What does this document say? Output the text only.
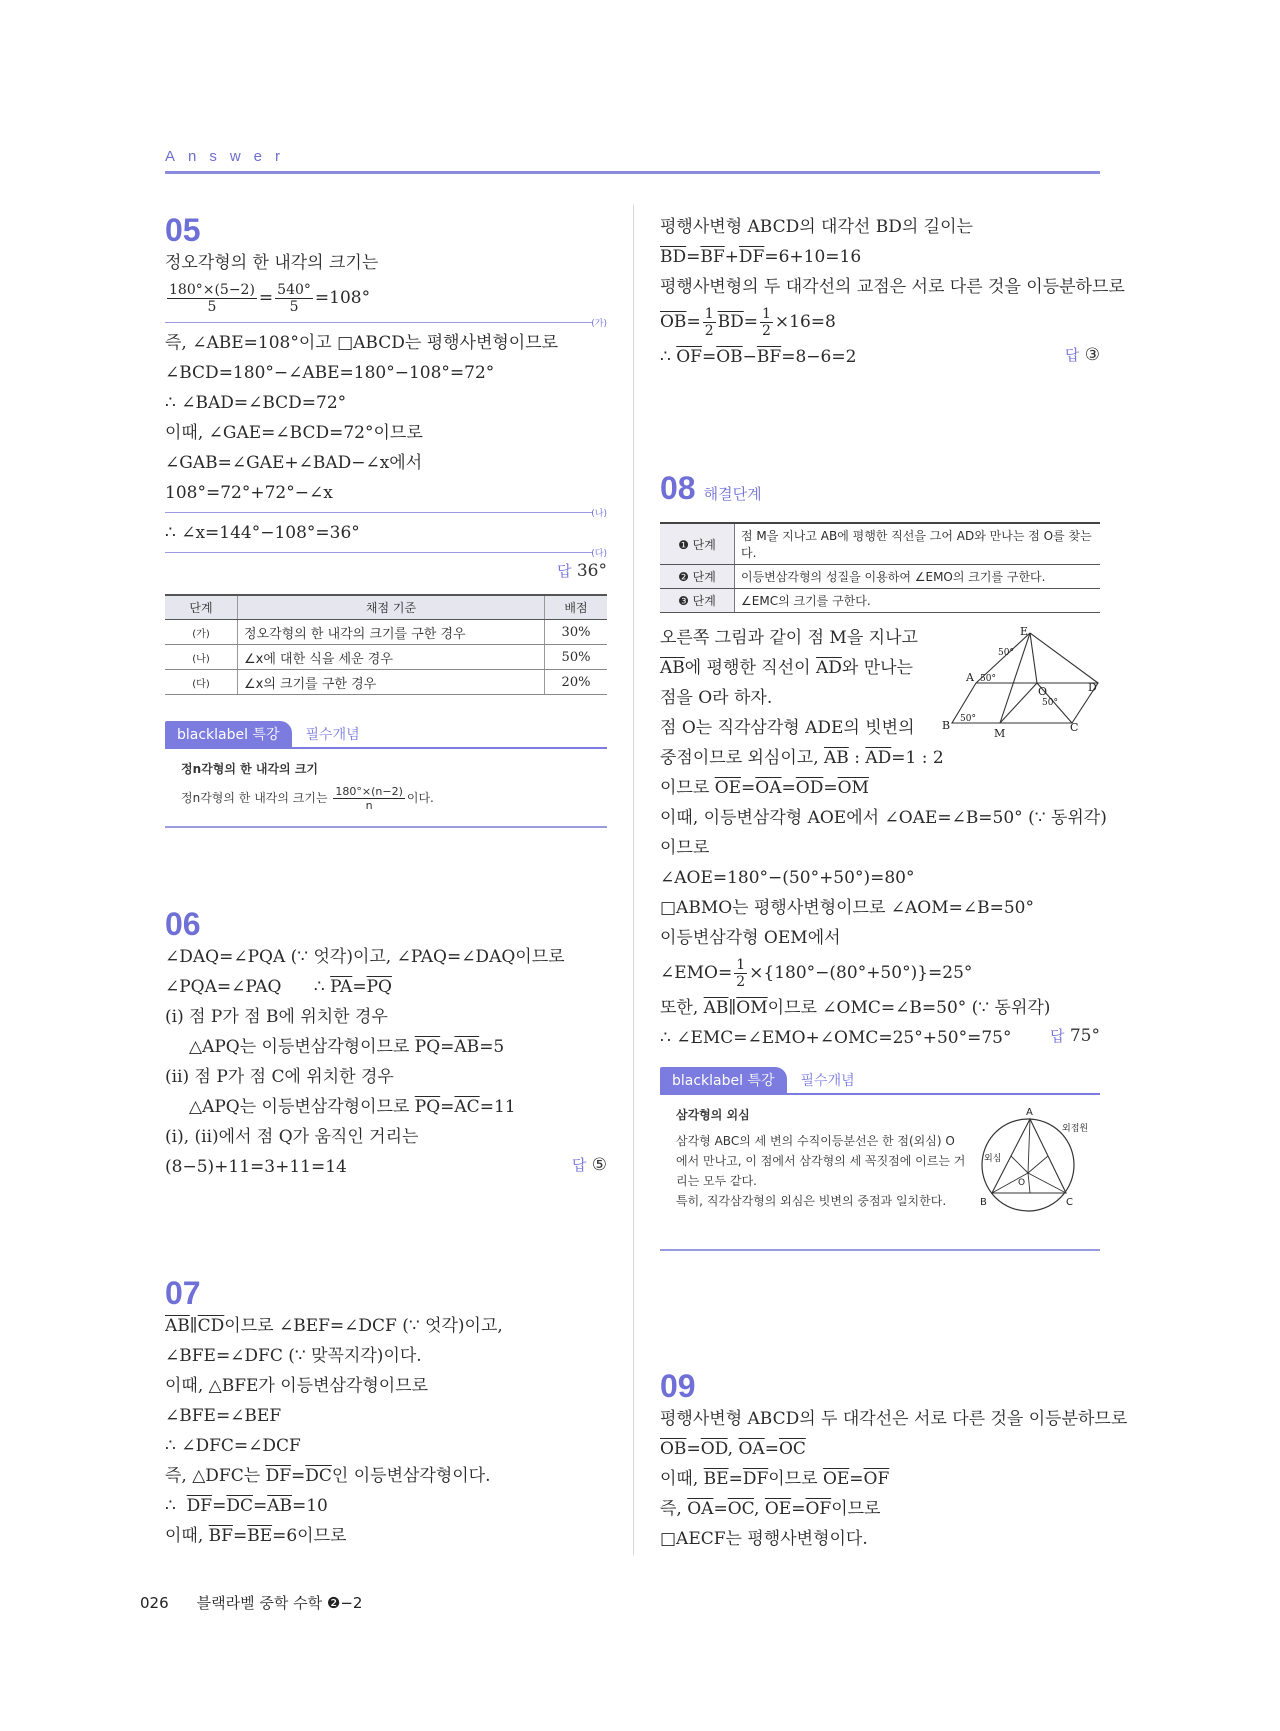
Answer
05
정오각형의 한 내각의 크기는
$\frac{180^\circ\times(5-2)}{5} = \frac{540^\circ}{5} =108^\circ$
(가)
즉, ∠ABE=108°이고 □ABCD는 평행사변형이므로
∠BCD=180°−∠ABE=180°−108°=72°
∴ ∠BAD=∠BCD=72°
이때, ∠GAE=∠BCD=72°이므로
∠GAB=∠GAE+∠BAD−∠x에서
108°=72°+72°−∠x
(나)
∴ ∠x=144°−108°=36°
(다)
답 36°
단계	채점 기준	배점
(가)	정오각형의 한 내각의 크기를 구한 경우	30%
(나)	∠x에 대한 식을 세운 경우	50%
(다)	∠x의 크기를 구한 경우	20%
blacklabel 특강 필수개념
정n각형의 한 내각의 크기
정n각형의 한 내각의 크기는 $\frac{180^\circ\times(n-2)}{n}$ 이다.
06
∠DAQ=∠PQA (∵ 엇각)이고, ∠PAQ=∠DAQ이므로
∠PQA=∠PAQ ∴ $\overline{PA}=\overline{PQ}$
(ⅰ) 점 P가 점 B에 위치한 경우
△APQ는 이등변삼각형이므로 $\overline{PQ}=\overline{AB}=5$
(ⅱ) 점 P가 점 C에 위치한 경우
△APQ는 이등변삼각형이므로 $\overline{PQ}=\overline{AC}=11$
(ⅰ), (ⅱ)에서 점 Q가 움직인 거리는
(8−5)+11=3+11=14	답 ⑤
07
$\overline{AB}\parallel\overline{CD}$이므로 ∠BEF=∠DCF (∵ 엇각)이고,
∠BFE=∠DFC (∵ 맞꼭지각)이다.
이때, △BFE가 이등변삼각형이므로
∠BFE=∠BEF
∴ ∠DFC=∠DCF
즉, △DFC는 $\overline{DF}=\overline{DC}$인 이등변삼각형이다.
∴ $\overline{DF}=\overline{DC}=\overline{AB}=10$
이때, $\overline{BF}=\overline{BE}=6$이므로
평행사변형 ABCD의 대각선 BD의 길이는
$\overline{BD}=\overline{BF}+\overline{DF}=6+10=16$
평행사변형의 두 대각선의 교점은 서로 다른 것을 이등분하므로
$\overline{OB}= \frac{1}{2} \overline{BD}= \frac{1}{2} \times 16=8$
∴ $\overline{OF}=\overline{OB}-\overline{BF}=8-6=2$	답 ③
08 해결단계
❶ 단계	점 M을 지나고 AB에 평행한 직선을 그어 AD와 만나는 점 O를 찾는다.
❷ 단계	이등변삼각형의 성질을 이용하여 ∠EMO의 크기를 구한다.
❸ 단계	∠EMC의 크기를 구한다.
E
A
O	D
B
M	C
50°
50°
50°
50°
오른쪽 그림과 같이 점 M을 지나고
$\overline{AB}$에 평행한 직선이 $\overline{AD}$와 만나는
점을 O라 하자.
점 O는 직각삼각형 ADE의 빗변의
중점이므로 외심이고, $\overline{AB}$ : $\overline{AD}=1$ : 2
이므로 $\overline{OE}=\overline{OA}=\overline{OD}=\overline{OM}$
이때, 이등변삼각형 AOE에서 ∠OAE=∠B=50° (∵ 동위각)
이므로
∠AOE=180°−(50°+50°)=80°
□ABMO는 평행사변형이므로 ∠AOM=∠B=50°
이등변삼각형 OEM에서
∠EMO= $\frac{1}{2} \times\{180^\circ-(80^\circ+50^\circ)\}=25^\circ$
또한, $\overline{AB}\parallel\overline{OM}$이므로 ∠OMC=∠B=50° (∵ 동위각)
∴ ∠EMC=∠EMO+∠OMC=25°+50°=75°	답 75°
blacklabel 특강 필수개념
삼각형의 외심
삼각형 ABC의 세 변의 수직이등분선은 한 점(외심) O
에서 만나고, 이 점에서 삼각형의 세 꼭짓점에 이르는 거
리는 모두 같다.
특히, 직각삼각형의 외심은 빗변의 중점과 일치한다.
A
B	C
O
외심
외접원
09
평행사변형 ABCD의 두 대각선은 서로 다른 것을 이등분하므로
$\overline{OB}=\overline{OD}$, $\overline{OA}=\overline{OC}$
이때, $\overline{BE}=\overline{DF}$이므로 $\overline{OE}=\overline{OF}$
즉, $\overline{OA}=\overline{OC}$, $\overline{OE}=\overline{OF}$이므로
□AECF는 평행사변형이다.
026 블랙라벨 중학 수학 ❷−2
